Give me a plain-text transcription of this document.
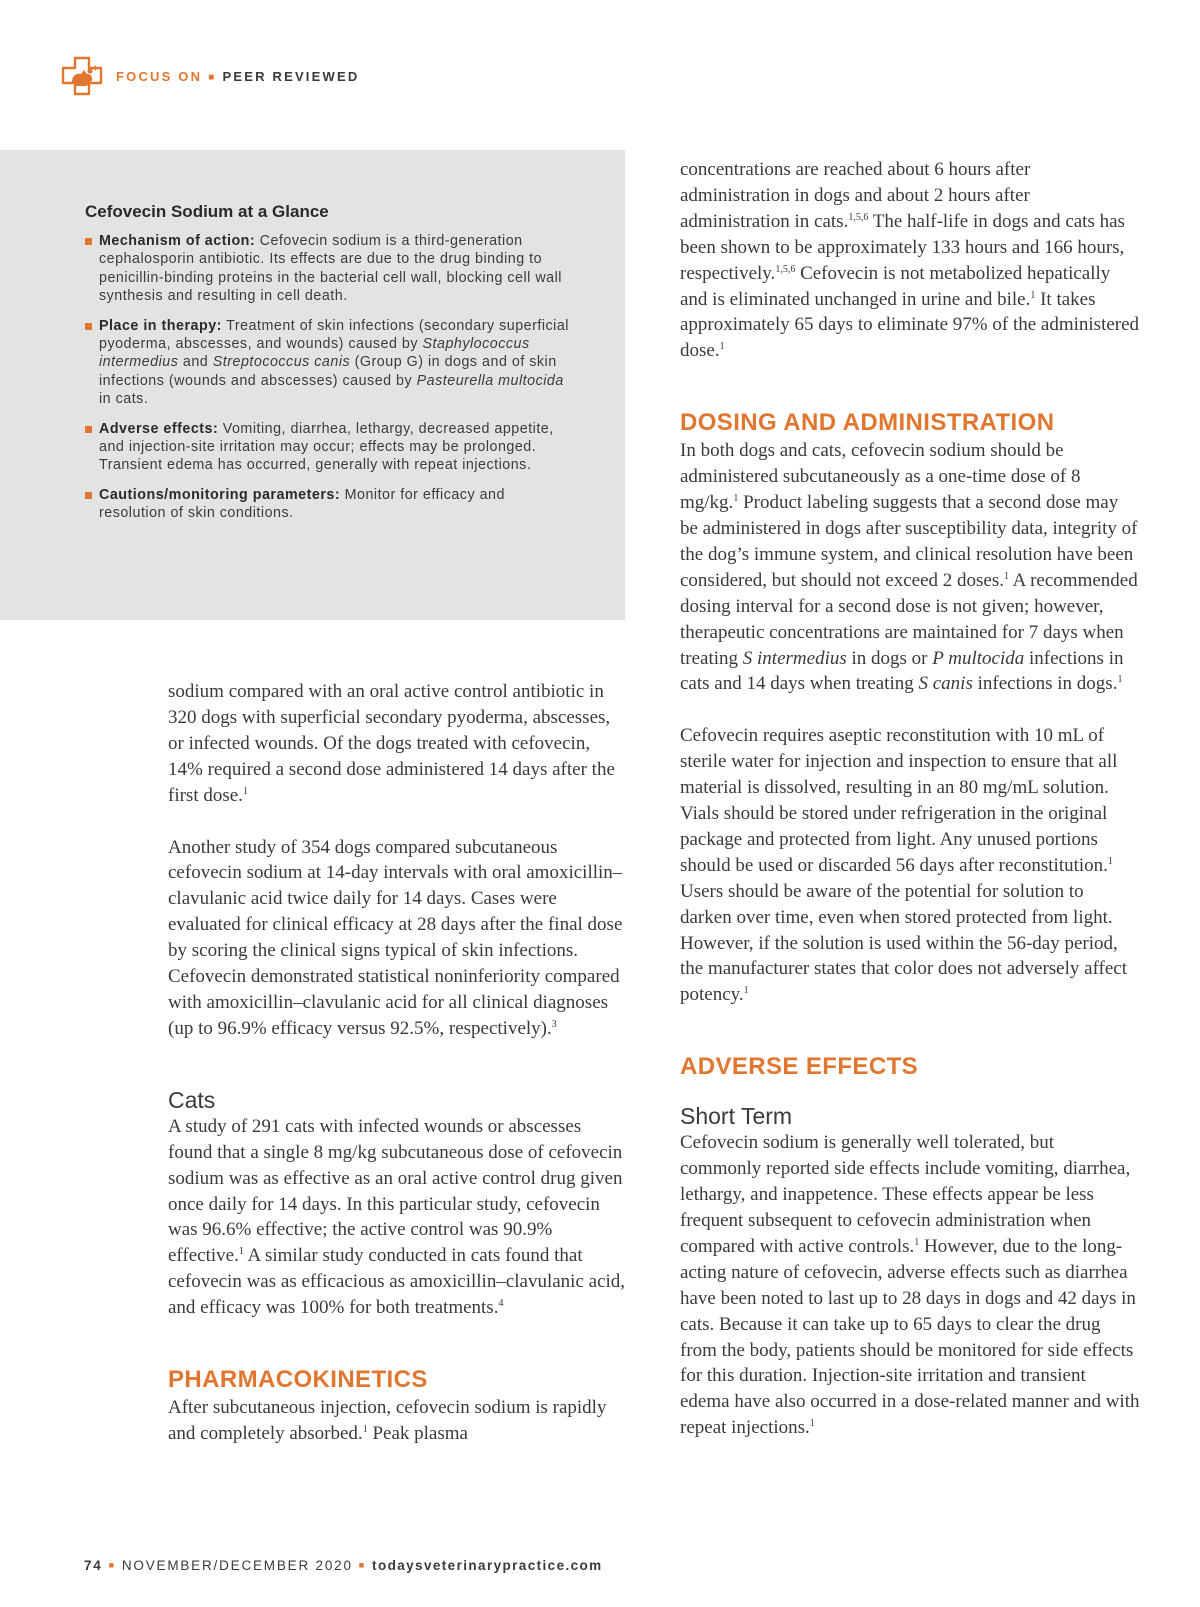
FOCUS ON ■ PEER REVIEWED

Cefovecin Sodium at a Glance

Mechanism of action: Cefovecin sodium is a third-generation cephalosporin antibiotic. Its effects are due to the drug binding to penicillin-binding proteins in the bacterial cell wall, blocking cell wall synthesis and resulting in cell death.
Place in therapy: Treatment of skin infections (secondary superficial pyoderma, abscesses, and wounds) caused by Staphylococcus intermedius and Streptococcus canis (Group G) in dogs and of skin infections (wounds and abscesses) caused by Pasteurella multocida in cats.
Adverse effects: Vomiting, diarrhea, lethargy, decreased appetite, and injection-site irritation may occur; effects may be prolonged. Transient edema has occurred, generally with repeat injections.
Cautions/monitoring parameters: Monitor for efficacy and resolution of skin conditions.

sodium compared with an oral active control antibiotic in 320 dogs with superficial secondary pyoderma, abscesses, or infected wounds. Of the dogs treated with cefovecin, 14% required a second dose administered 14 days after the first dose.$^1$

Another study of 354 dogs compared subcutaneous cefovecin sodium at 14-day intervals with oral amoxicillin–clavulanic acid twice daily for 14 days. Cases were evaluated for clinical efficacy at 28 days after the final dose by scoring the clinical signs typical of skin infections. Cefovecin demonstrated statistical noninferiority compared with amoxicillin–clavulanic acid for all clinical diagnoses (up to 96.9% efficacy versus 92.5%, respectively).$^3$

Cats

A study of 291 cats with infected wounds or abscesses found that a single 8 mg/kg subcutaneous dose of cefovecin sodium was as effective as an oral active control drug given once daily for 14 days. In this particular study, cefovecin was 96.6% effective; the active control was 90.9% effective.$^1$ A similar study conducted in cats found that cefovecin was as efficacious as amoxicillin–clavulanic acid, and efficacy was 100% for both treatments.$^4$

PHARMACOKINETICS

After subcutaneous injection, cefovecin sodium is rapidly and completely absorbed.$^1$ Peak plasma

concentrations are reached about 6 hours after administration in dogs and about 2 hours after administration in cats.$^{1,5,6}$ The half-life in dogs and cats has been shown to be approximately 133 hours and 166 hours, respectively.$^{1,5,6}$ Cefovecin is not metabolized hepatically and is eliminated unchanged in urine and bile.$^1$ It takes approximately 65 days to eliminate 97% of the administered dose.$^1$

DOSING AND ADMINISTRATION

In both dogs and cats, cefovecin sodium should be administered subcutaneously as a one-time dose of 8 mg/kg.$^1$ Product labeling suggests that a second dose may be administered in dogs after susceptibility data, integrity of the dog’s immune system, and clinical resolution have been considered, but should not exceed 2 doses.$^1$ A recommended dosing interval for a second dose is not given; however, therapeutic concentrations are maintained for 7 days when treating S intermedius in dogs or P multocida infections in cats and 14 days when treating S canis infections in dogs.$^1$

Cefovecin requires aseptic reconstitution with 10 mL of sterile water for injection and inspection to ensure that all material is dissolved, resulting in an 80 mg/mL solution. Vials should be stored under refrigeration in the original package and protected from light. Any unused portions should be used or discarded 56 days after reconstitution.$^1$ Users should be aware of the potential for solution to darken over time, even when stored protected from light. However, if the solution is used within the 56-day period, the manufacturer states that color does not adversely affect potency.$^1$

ADVERSE EFFECTS
Short Term

Cefovecin sodium is generally well tolerated, but commonly reported side effects include vomiting, diarrhea, lethargy, and inappetence. These effects appear be less frequent subsequent to cefovecin administration when compared with active controls.$^1$ However, due to the long-acting nature of cefovecin, adverse effects such as diarrhea have been noted to last up to 28 days in dogs and 42 days in cats. Because it can take up to 65 days to clear the drug from the body, patients should be monitored for side effects for this duration. Injection-site irritation and transient edema have also occurred in a dose-related manner and with repeat injections.$^1$

74 ■ NOVEMBER/DECEMBER 2020 ■ todaysveterinarypractice.com
